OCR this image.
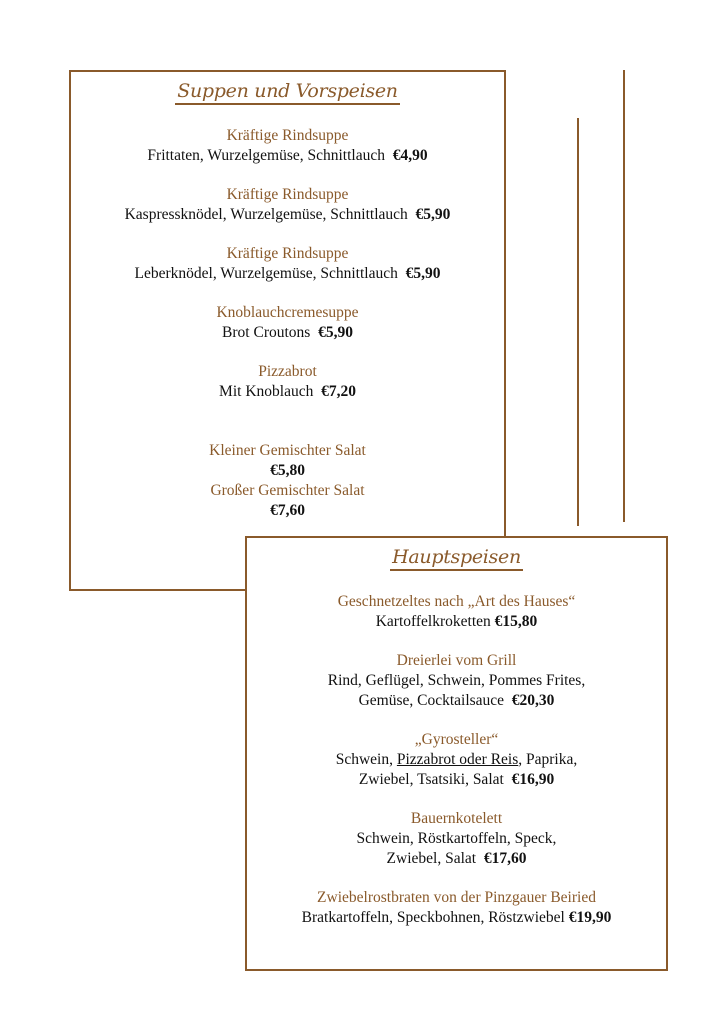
Suppen und Vorspeisen
Kräftige Rindsuppe
Frittaten, Wurzelgemüse, Schnittlauch €4,90
Kräftige Rindsuppe
Kaspressknödel, Wurzelgemüse, Schnittlauch €5,90
Kräftige Rindsuppe
Leberknödel, Wurzelgemüse, Schnittlauch €5,90
Knoblauchcremesuppe
Brot Croutons €5,90
Pizzabrot
Mit Knoblauch €7,20
Kleiner Gemischter Salat
€5,80
Großer Gemischter Salat
€7,60
Hauptspeisen
Geschnetzeltes nach „Art des Hauses“
Kartoffelkroketten €15,80
Dreierlei vom Grill
Rind, Geflügel, Schwein, Pommes Frites,
Gemüse, Cocktailsauce €20,30
„Gyrosteller“
Schwein, Pizzabrot oder Reis, Paprika,
Zwiebel, Tsatsiki, Salat €16,90
Bauernkotelett
Schwein, Röstkartoffeln, Speck,
Zwiebel, Salat €17,60
Zwiebelrostbraten von der Pinzgauer Beiried
Bratkartoffeln, Speckbohnen, Röstzwiebel €19,90
